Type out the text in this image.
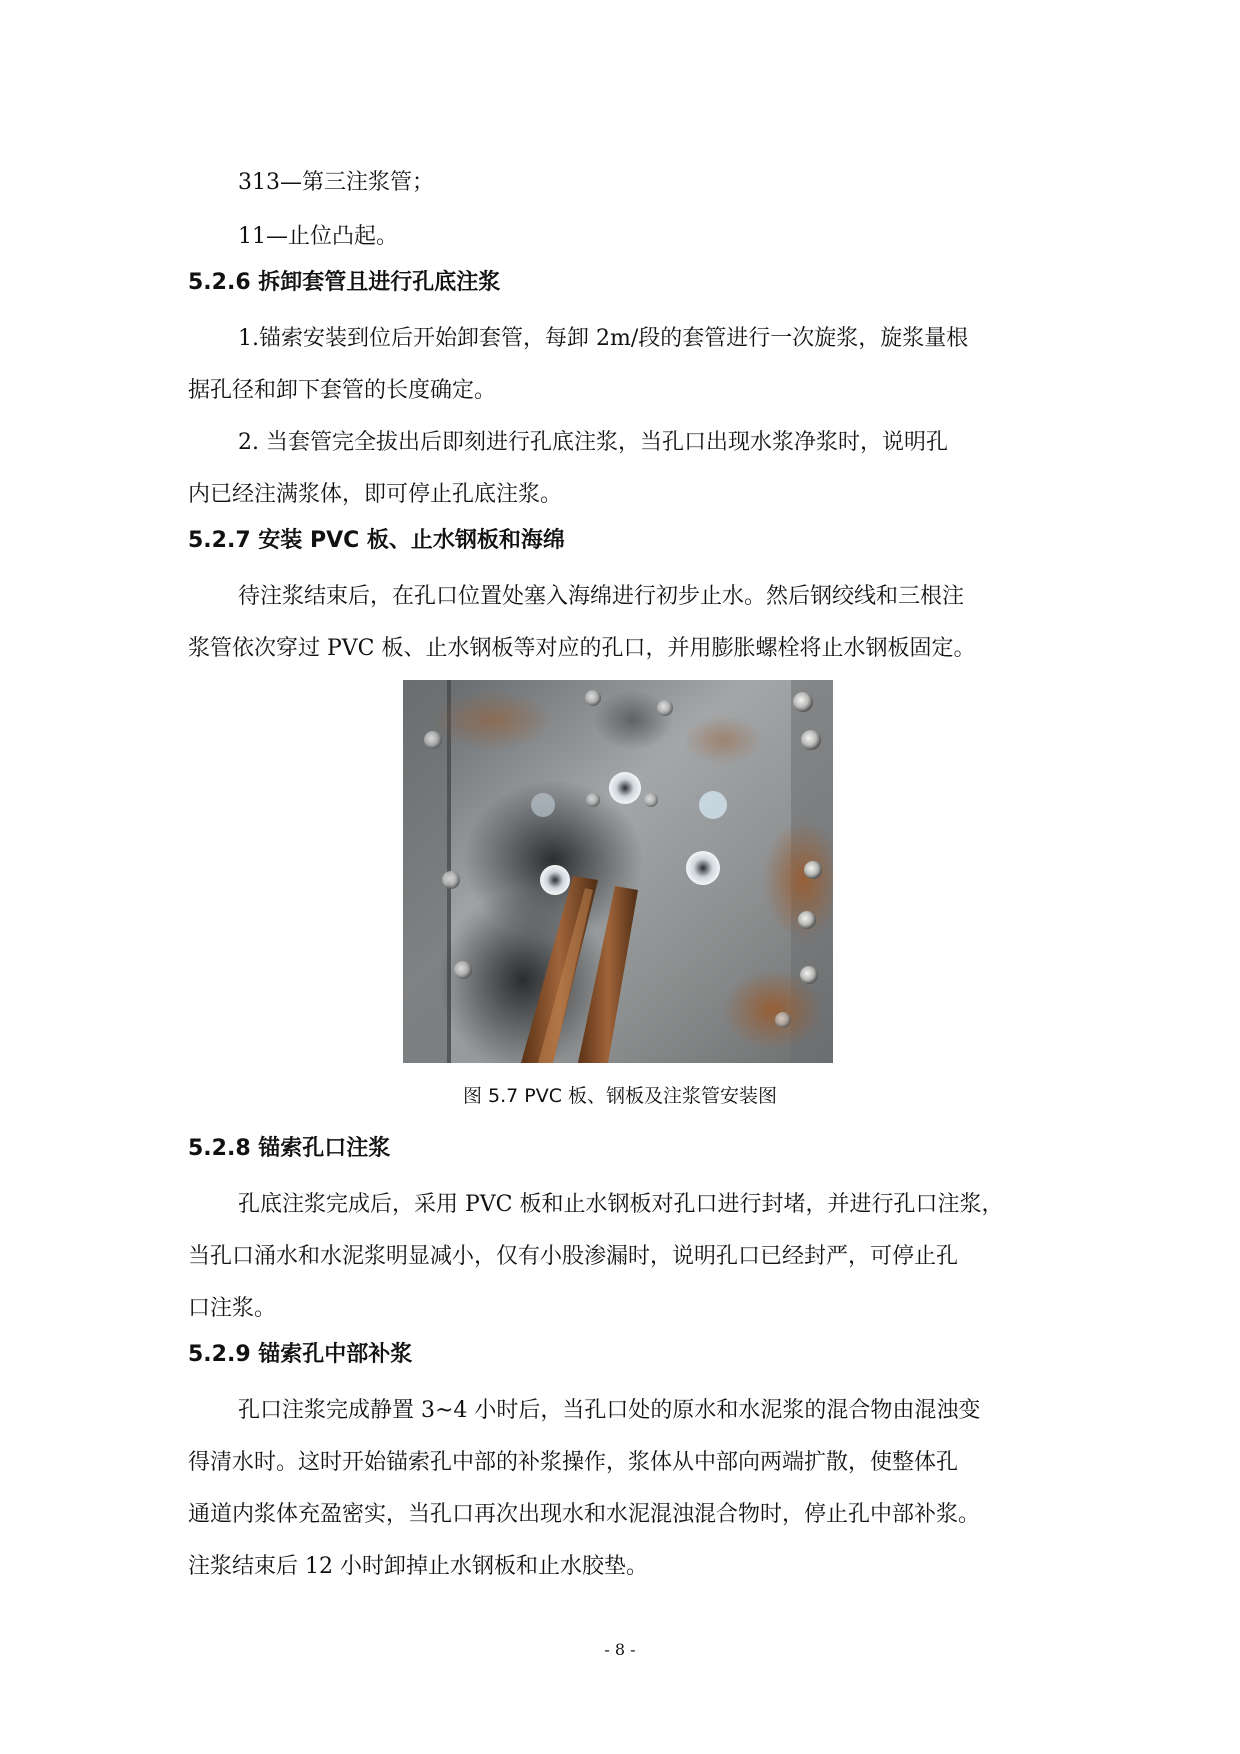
313—第三注浆管；
11—止位凸起。
5.2.6 拆卸套管且进行孔底注浆
1.锚索安装到位后开始卸套管，每卸 2m/段的套管进行一次旋浆，旋浆量根
据孔径和卸下套管的长度确定。
2. 当套管完全拔出后即刻进行孔底注浆，当孔口出现水浆净浆时，说明孔
内已经注满浆体，即可停止孔底注浆。
5.2.7 安装 PVC 板、止水钢板和海绵
待注浆结束后，在孔口位置处塞入海绵进行初步止水。然后钢绞线和三根注
浆管依次穿过 PVC 板、止水钢板等对应的孔口，并用膨胀螺栓将止水钢板固定。
图 5.7 PVC 板、钢板及注浆管安装图
5.2.8 锚索孔口注浆
孔底注浆完成后，采用 PVC 板和止水钢板对孔口进行封堵，并进行孔口注浆，
当孔口涌水和水泥浆明显减小，仅有小股渗漏时，说明孔口已经封严，可停止孔
口注浆。
5.2.9 锚索孔中部补浆
孔口注浆完成静置 3~4 小时后，当孔口处的原水和水泥浆的混合物由混浊变
得清水时。这时开始锚索孔中部的补浆操作，浆体从中部向两端扩散，使整体孔
通道内浆体充盈密实，当孔口再次出现水和水泥混浊混合物时，停止孔中部补浆。
注浆结束后 12 小时卸掉止水钢板和止水胶垫。
- 8 -
